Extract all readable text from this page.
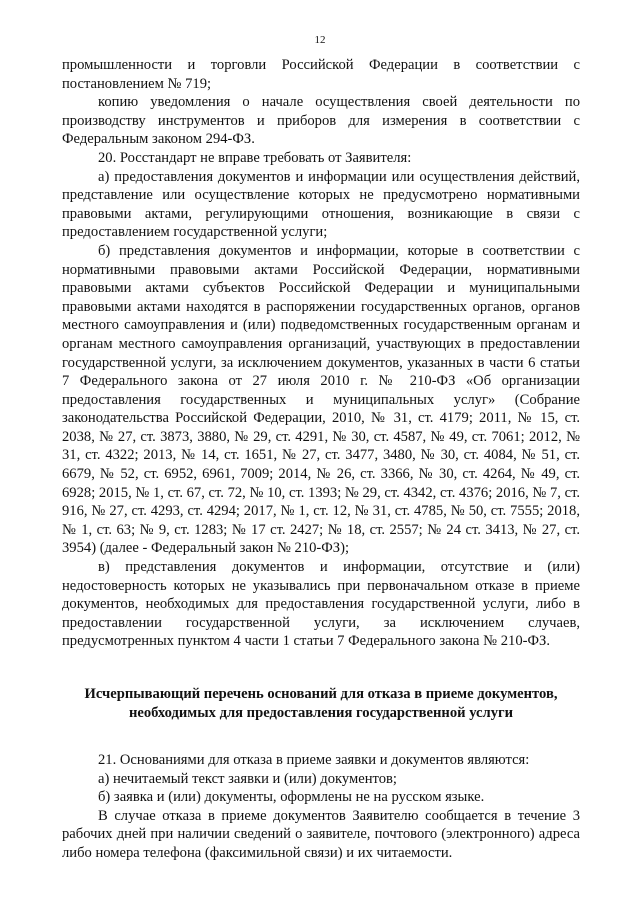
12

промышленности и торговли Российской Федерации в соответствии с постановлением № 719;

копию уведомления о начале осуществления своей деятельности по производству инструментов и приборов для измерения в соответствии с Федеральным законом 294-ФЗ.

20. Росстандарт не вправе требовать от Заявителя:

а) предоставления документов и информации или осуществления действий, представление или осуществление которых не предусмотрено нормативными правовыми актами, регулирующими отношения, возникающие в связи с предоставлением государственной услуги;

б) представления документов и информации, которые в соответствии с нормативными правовыми актами Российской Федерации, нормативными правовыми актами субъектов Российской Федерации и муниципальными правовыми актами находятся в распоряжении государственных органов, органов местного самоуправления и (или) подведомственных государственным органам и органам местного самоуправления организаций, участвующих в предоставлении государственной услуги, за исключением документов, указанных в части 6 статьи 7 Федерального закона от 27 июля 2010 г. № 210-ФЗ «Об организации предоставления государственных и муниципальных услуг» (Собрание законодательства Российской Федерации, 2010, № 31, ст. 4179; 2011, № 15, ст. 2038, № 27, ст. 3873, 3880, № 29, ст. 4291, № 30, ст. 4587, № 49, ст. 7061; 2012, № 31, ст. 4322; 2013, № 14, ст. 1651, № 27, ст. 3477, 3480, № 30, ст. 4084, № 51, ст. 6679, № 52, ст. 6952, 6961, 7009; 2014, № 26, ст. 3366, № 30, ст. 4264, № 49, ст. 6928; 2015, № 1, ст. 67, ст. 72, № 10, ст. 1393; № 29, ст. 4342, ст. 4376; 2016, № 7, ст. 916, № 27, ст. 4293, ст. 4294; 2017, № 1, ст. 12, № 31, ст. 4785, № 50, ст. 7555; 2018, № 1, ст. 63; № 9, ст. 1283; № 17 ст. 2427; № 18, ст. 2557; № 24 ст. 3413, № 27, ст. 3954) (далее - Федеральный закон № 210-ФЗ);

в) представления документов и информации, отсутствие и (или) недостоверность которых не указывались при первоначальном отказе в приеме документов, необходимых для предоставления государственной услуги, либо в предоставлении государственной услуги, за исключением случаев, предусмотренных пунктом 4 части 1 статьи 7 Федерального закона № 210-ФЗ.

Исчерпывающий перечень оснований для отказа в приеме документов, необходимых для предоставления государственной услуги

21. Основаниями для отказа в приеме заявки и документов являются:

а) нечитаемый текст заявки и (или) документов;

б) заявка и (или) документы, оформлены не на русском языке.

В случае отказа в приеме документов Заявителю сообщается в течение 3 рабочих дней при наличии сведений о заявителе, почтового (электронного) адреса либо номера телефона (факсимильной связи) и их читаемости.
